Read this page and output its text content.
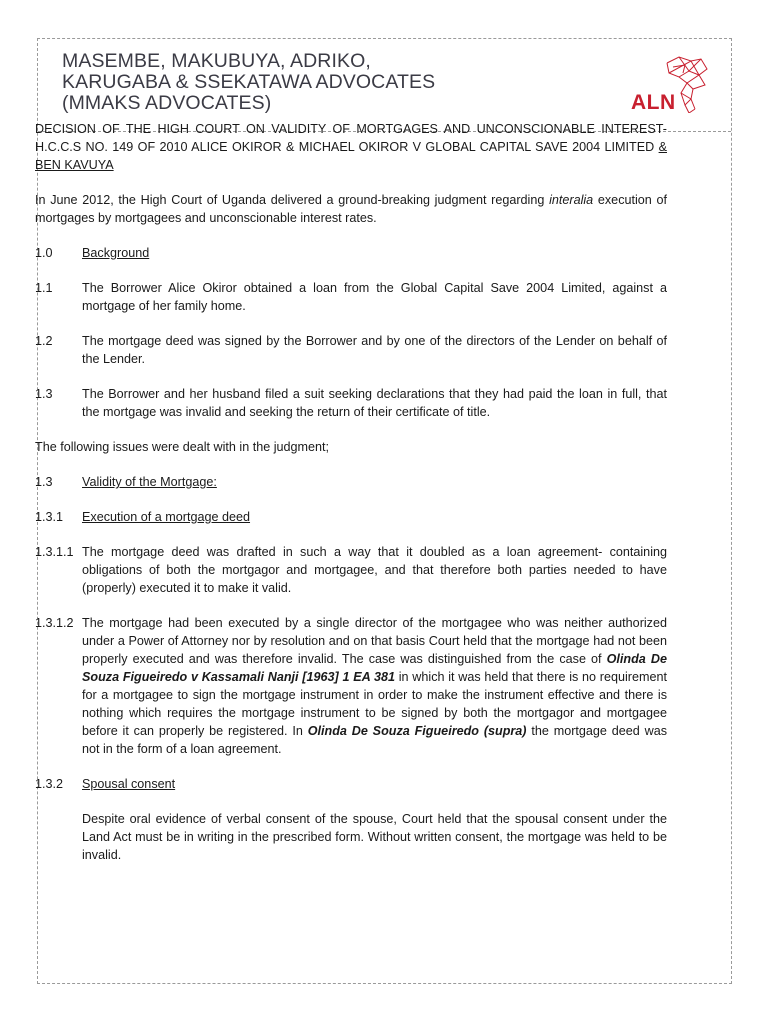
MASEMBE, MAKUBUYA, ADRIKO,
KARUGABA & SSEKATAWA ADVOCATES
(MMAKS ADVOCATES)	ALN

DECISION OF THE HIGH COURT ON VALIDITY OF MORTGAGES AND UNCONSCIONABLE INTEREST- H.C.C.S NO. 149 OF 2010 ALICE OKIROR & MICHAEL OKIROR V GLOBAL CAPITAL SAVE 2004 LIMITED & BEN KAVUYA

In June 2012, the High Court of Uganda delivered a ground-breaking judgment regarding interalia execution of mortgages by mortgagees and unconscionable interest rates.

1.0 Background
1.1 The Borrower Alice Okiror obtained a loan from the Global Capital Save 2004 Limited, against a mortgage of her family home.
1.2 The mortgage deed was signed by the Borrower and by one of the directors of the Lender on behalf of the Lender.
1.3 The Borrower and her husband filed a suit seeking declarations that they had paid the loan in full, that the mortgage was invalid and seeking the return of their certificate of title.

The following issues were dealt with in the judgment;

1.3 Validity of the Mortgage:
1.3.1 Execution of a mortgage deed
1.3.1.1 The mortgage deed was drafted in such a way that it doubled as a loan agreement- containing obligations of both the mortgagor and mortgagee, and that therefore both parties needed to have (properly) executed it to make it valid.
1.3.1.2 The mortgage had been executed by a single director of the mortgagee who was neither authorized under a Power of Attorney nor by resolution and on that basis Court held that the mortgage had not been properly executed and was therefore invalid. The case was distinguished from the case of Olinda De Souza Figueiredo v Kassamali Nanji [1963] 1 EA 381 in which it was held that there is no requirement for a mortgagee to sign the mortgage instrument in order to make the instrument effective and there is nothing which requires the mortgage instrument to be signed by both the mortgagor and mortgagee before it can properly be registered. In Olinda De Souza Figueiredo (supra) the mortgage deed was not in the form of a loan agreement.
1.3.2 Spousal consent
Despite oral evidence of verbal consent of the spouse, Court held that the spousal consent under the Land Act must be in writing in the prescribed form. Without written consent, the mortgage was held to be invalid.
